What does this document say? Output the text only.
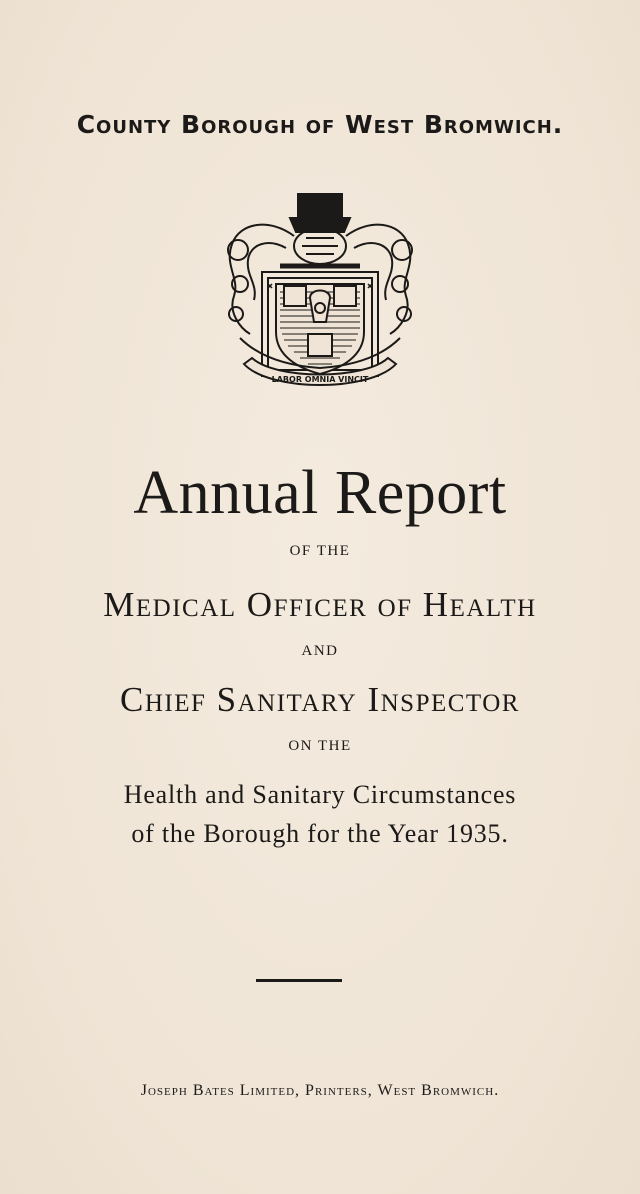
County Borough of West Bromwich.
LABOR OMNIA VINCIT
Annual Report
OF THE
Medical Officer of Health
AND
Chief Sanitary Inspector
ON THE
Health and Sanitary Circumstances
of the Borough for the Year 1935.
Joseph Bates Limited, Printers, West Bromwich.
